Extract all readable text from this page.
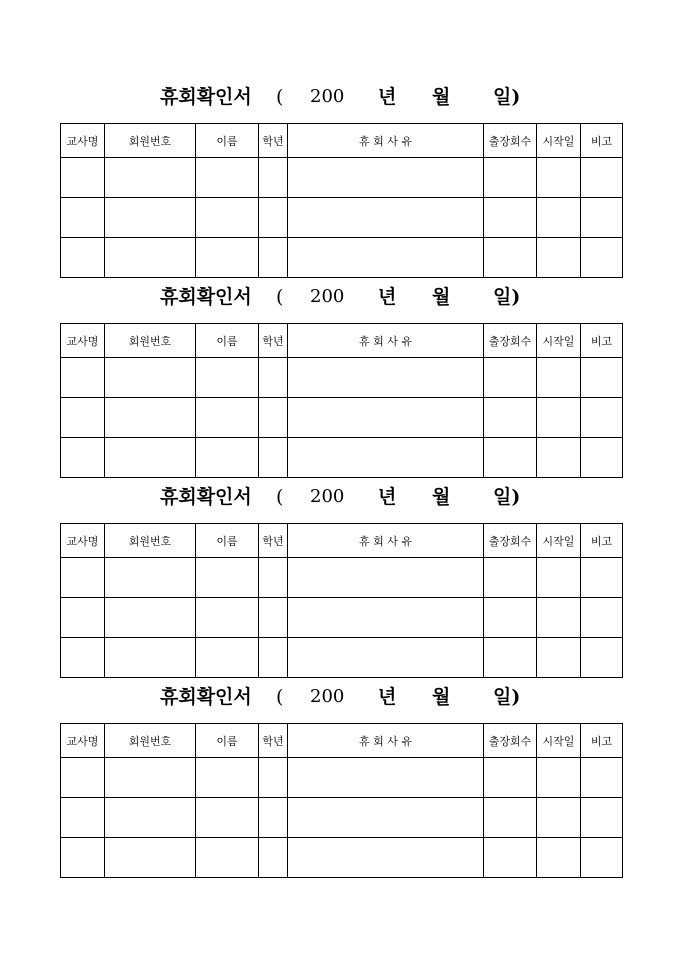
휴회확인서 ( 200 년 월 일)
교사명	회원번호	이름	학년	휴 회 사 유	출장회수	시작일	비고

휴회확인서 ( 200 년 월 일)
교사명	회원번호	이름	학년	휴 회 사 유	출장회수	시작일	비고

휴회확인서 ( 200 년 월 일)
교사명	회원번호	이름	학년	휴 회 사 유	출장회수	시작일	비고

휴회확인서 ( 200 년 월 일)
교사명	회원번호	이름	학년	휴 회 사 유	출장회수	시작일	비고
